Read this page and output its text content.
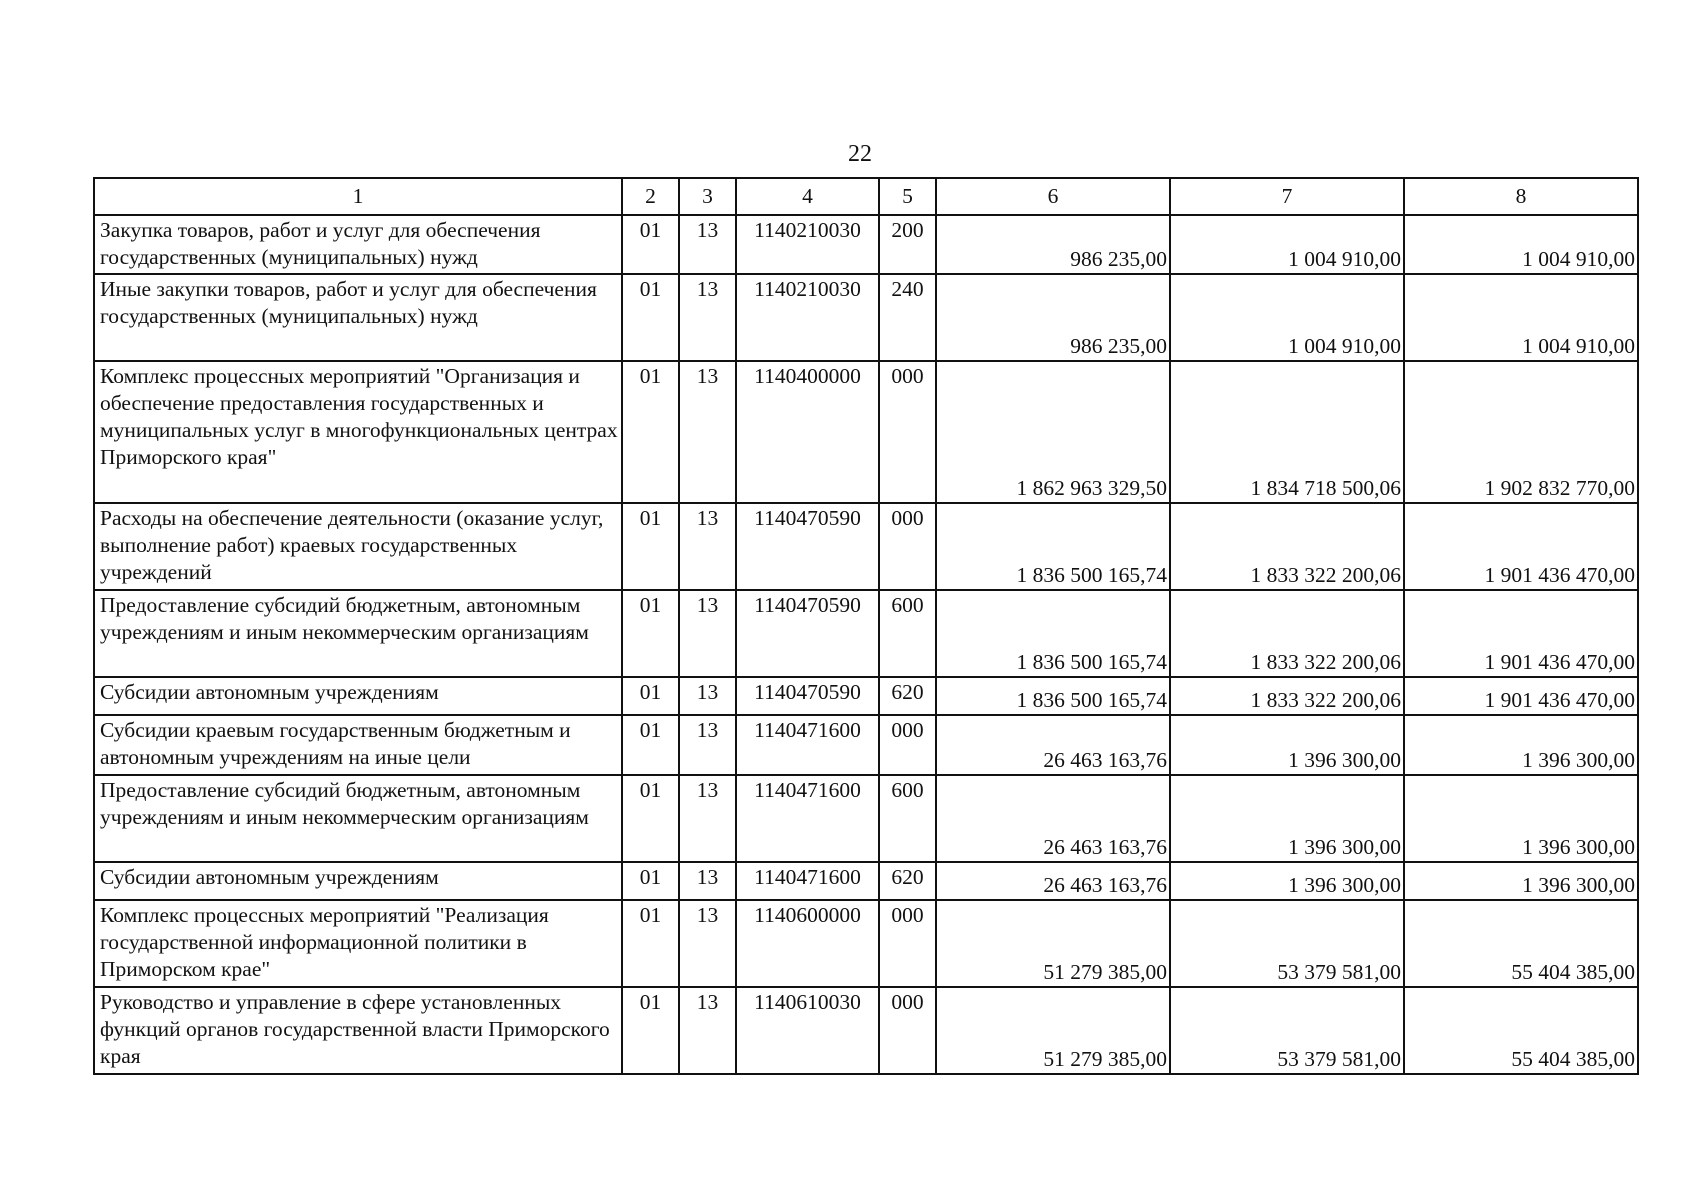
22
1	2	3	4	5	6	7	8
Закупка товаров, работ и услуг для обеспечения государственных (муниципальных) нужд	01	13	1140210030	200	986 235,00	1 004 910,00	1 004 910,00
Иные закупки товаров, работ и услуг для обеспечения государственных (муниципальных) нужд	01	13	1140210030	240	986 235,00	1 004 910,00	1 004 910,00
Комплекс процессных мероприятий "Организация и обеспечение предоставления государственных и муниципальных услуг в многофункциональных центрах Приморского края"	01	13	1140400000	000	1 862 963 329,50	1 834 718 500,06	1 902 832 770,00
Расходы на обеспечение деятельности (оказание услуг, выполнение работ) краевых государственных учреждений	01	13	1140470590	000	1 836 500 165,74	1 833 322 200,06	1 901 436 470,00
Предоставление субсидий бюджетным, автономным учреждениям и иным некоммерческим организациям	01	13	1140470590	600	1 836 500 165,74	1 833 322 200,06	1 901 436 470,00
Субсидии автономным учреждениям	01	13	1140470590	620	1 836 500 165,74	1 833 322 200,06	1 901 436 470,00
Субсидии краевым государственным бюджетным и автономным учреждениям на иные цели	01	13	1140471600	000	26 463 163,76	1 396 300,00	1 396 300,00
Предоставление субсидий бюджетным, автономным учреждениям и иным некоммерческим организациям	01	13	1140471600	600	26 463 163,76	1 396 300,00	1 396 300,00
Субсидии автономным учреждениям	01	13	1140471600	620	26 463 163,76	1 396 300,00	1 396 300,00
Комплекс процессных мероприятий "Реализация государственной информационной политики в Приморском крае"	01	13	1140600000	000	51 279 385,00	53 379 581,00	55 404 385,00
Руководство и управление в сфере установленных функций органов государственной власти Приморского края	01	13	1140610030	000	51 279 385,00	53 379 581,00	55 404 385,00
